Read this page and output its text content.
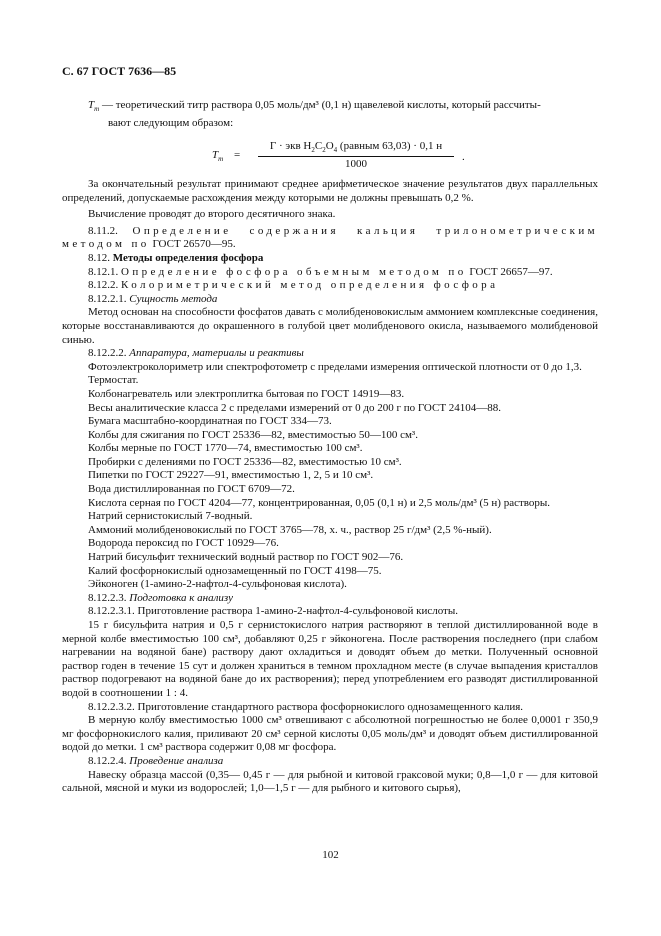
С. 67 ГОСТ 7636—85
$T_т$ — теоретический титр раствора 0,05 моль/дм³ (0,1 н) щавелевой кислоты, который рассчиты-
вают следующим образом:
$T_т$ =
Г · экв $H_2C_2O_4$ (равным 63,03) · 0,1 н
1000
.

За окончательный результат принимают среднее арифметическое значение результатов двух параллельных определений, допускаемые расхождения между которыми не должны превышать 0,2 %.

Вычисление проводят до второго десятичного знака.

8.11.2. Определение содержания кальция трилонометрическим методом по ГОСТ 26570—95.

8.12. Методы определения фосфора

8.12.1. Определение фосфора объемным методом по ГОСТ 26657—97.

8.12.2. Колориметрический метод определения фосфора

8.12.2.1. Сущность метода

Метод основан на способности фосфатов давать с молибденовокислым аммонием комплексные соединения, которые восстанавливаются до окрашенного в голубой цвет молибденового окисла, называемого молибденовой синью.

8.12.2.2. Аппаратура, материалы и реактивы

Фотоэлектроколориметр или спектрофотометр с пределами измерения оптической плотности от 0 до 1,3.

Термостат.

Колбонагреватель или электроплитка бытовая по ГОСТ 14919—83.

Весы аналитические класса 2 с пределами измерений от 0 до 200 г по ГОСТ 24104—88.

Бумага масштабно-координатная по ГОСТ 334—73.

Колбы для сжигания по ГОСТ 25336—82, вместимостью 50—100 см³.

Колбы мерные по ГОСТ 1770—74, вместимостью 100 см³.

Пробирки с делениями по ГОСТ 25336—82, вместимостью 10 см³.

Пипетки по ГОСТ 29227—91, вместимостью 1, 2, 5 и 10 см³.

Вода дистиллированная по ГОСТ 6709—72.

Кислота серная по ГОСТ 4204—77, концентрированная, 0,05 (0,1 н) и 2,5 моль/дм³ (5 н) растворы.

Натрий сернистокислый 7-водный.

Аммоний молибденовокислый по ГОСТ 3765—78, х. ч., раствор 25 г/дм³ (2,5 %-ный).

Водорода пероксид по ГОСТ 10929—76.

Натрий бисульфит технический водный раствор по ГОСТ 902—76.

Калий фосфорнокислый однозамещенный по ГОСТ 4198—75.

Эйконоген (1-амино-2-нафтол-4-сульфоновая кислота).

8.12.2.3. Подготовка к анализу

8.12.2.3.1. Приготовление раствора 1-амино-2-нафтол-4-сульфоновой кислоты.

15 г бисульфита натрия и 0,5 г сернистокислого натрия растворяют в теплой дистиллированной воде в мерной колбе вместимостью 100 см³, добавляют 0,25 г эйконогена. После растворения последнего (при слабом нагревании на водяной бане) раствору дают охладиться и доводят объем до метки. Полученный основной раствор годен в течение 15 сут и должен храниться в темном прохладном месте (в случае выпадения кристаллов раствор подогревают на водяной бане до их растворения); перед употреблением его разводят дистиллированной водой в соотношении 1 : 4.

8.12.2.3.2. Приготовление стандартного раствора фосфорнокислого однозамещенного калия.

В мерную колбу вместимостью 1000 см³ отвешивают с абсолютной погрешностью не более 0,0001 г 350,9 мг фосфорнокислого калия, приливают 20 см³ серной кислоты 0,05 моль/дм³ и доводят объем дистиллированной водой до метки. 1 см³ раствора содержит 0,08 мг фосфора.

8.12.2.4. Проведение анализа

Навеску образца массой (0,35— 0,45 г — для рыбной и китовой граксовой муки; 0,8—1,0 г — для китовой сальной, мясной и муки из водорослей; 1,0—1,5 г — для рыбного и китового сырья),

102
